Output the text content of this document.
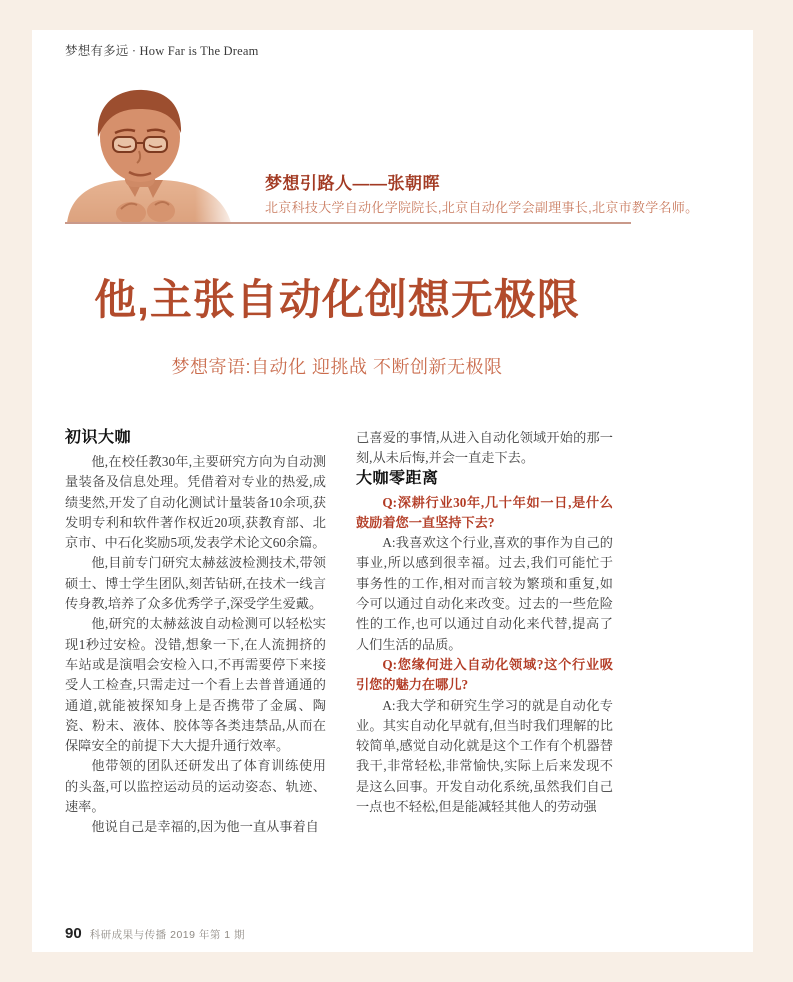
梦想有多远 · How Far is The Dream
梦想引路人——张朝晖
北京科技大学自动化学院院长,北京自动化学会副理事长,北京市教学名师。
他,主张自动化创想无极限
梦想寄语:自动化 迎挑战 不断创新无极限
初识大咖

他,在校任教30年,主要研究方向为自动测量装备及信息处理。凭借着对专业的热爱,成绩斐然,开发了自动化测试计量装备10余项,获发明专利和软件著作权近20项,获教育部、北京市、中石化奖励5项,发表学术论文60余篇。

他,目前专门研究太赫兹波检测技术,带领硕士、博士学生团队,刻苦钻研,在技术一线言传身教,培养了众多优秀学子,深受学生爱戴。

他,研究的太赫兹波自动检测可以轻松实现1秒过安检。没错,想象一下,在人流拥挤的车站或是演唱会安检入口,不再需要停下来接受人工检查,只需走过一个看上去普普通通的通道,就能被探知身上是否携带了金属、陶瓷、粉末、液体、胶体等各类违禁品,从而在保障安全的前提下大大提升通行效率。

他带领的团队还研发出了体育训练使用的头盔,可以监控运动员的运动姿态、轨迹、速率。

他说自己是幸福的,因为他一直从事着自

己喜爱的事情,从进入自动化领域开始的那一刻,从未后悔,并会一直走下去。

大咖零距离

Q:深耕行业30年,几十年如一日,是什么鼓励着您一直坚持下去?

A:我喜欢这个行业,喜欢的事作为自己的事业,所以感到很幸福。过去,我们可能忙于事务性的工作,相对而言较为繁琐和重复,如今可以通过自动化来改变。过去的一些危险性的工作,也可以通过自动化来代替,提高了人们生活的品质。

Q:您缘何进入自动化领域?这个行业吸引您的魅力在哪儿?

A:我大学和研究生学习的就是自动化专业。其实自动化早就有,但当时我们理解的比较简单,感觉自动化就是这个工作有个机器替我干,非常轻松,非常愉快,实际上后来发现不是这么回事。开发自动化系统,虽然我们自己一点也不轻松,但是能减轻其他人的劳动强

90 科研成果与传播 2019 年第 1 期
